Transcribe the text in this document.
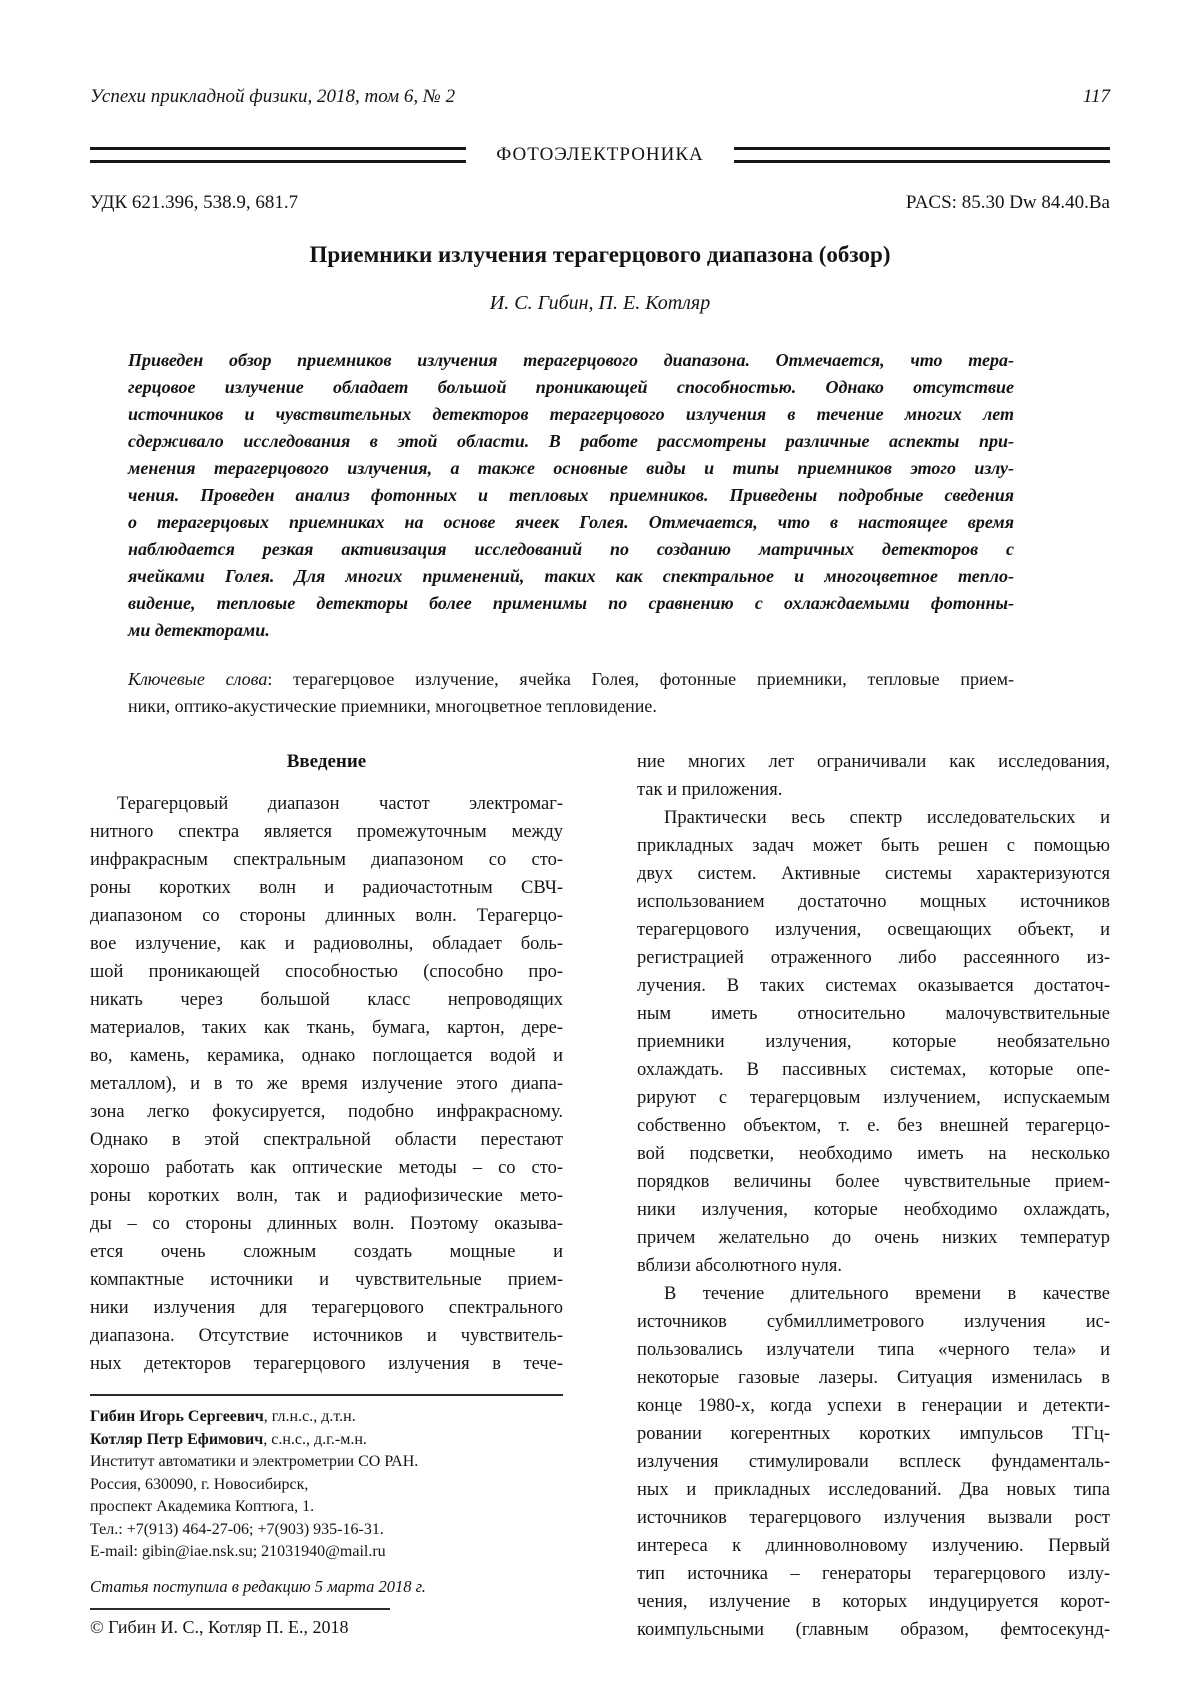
Успехи прикладной физики, 2018, том 6, № 2	117
ФОТОЭЛЕКТРОНИКА
УДК 621.396, 538.9, 681.7	PACS: 85.30 Dw 84.40.Ba
Приемники излучения терагерцового диапазона (обзор)
И. С. Гибин, П. Е. Котляр
Приведен обзор приемников излучения терагерцового диапазона. Отмечается, что тера-
герцовое излучение обладает большой проникающей способностью. Однако отсутствие
источников и чувствительных детекторов терагерцового излучения в течение многих лет
сдерживало исследования в этой области. В работе рассмотрены различные аспекты при-
менения терагерцового излучения, а также основные виды и типы приемников этого излу-
чения. Проведен анализ фотонных и тепловых приемников. Приведены подробные сведения
о терагерцовых приемниках на основе ячеек Голея. Отмечается, что в настоящее время
наблюдается резкая активизация исследований по созданию матричных детекторов с
ячейками Голея. Для многих применений, таких как спектральное и многоцветное тепло-
видение, тепловые детекторы более применимы по сравнению с охлаждаемыми фотонны-
ми детекторами.
Ключевые слова: терагерцовое излучение, ячейка Голея, фотонные приемники, тепловые прием-
ники, оптико-акустические приемники, многоцветное тепловидение.
Введение
Терагерцовый диапазон частот электромаг-
нитного спектра является промежуточным между
инфракрасным спектральным диапазоном со сто-
роны коротких волн и радиочастотным СВЧ-
диапазоном со стороны длинных волн. Терагерцо-
вое излучение, как и радиоволны, обладает боль-
шой проникающей способностью (способно про-
никать через большой класс непроводящих
материалов, таких как ткань, бумага, картон, дере-
во, камень, керамика, однако поглощается водой и
металлом), и в то же время излучение этого диапа-
зона легко фокусируется, подобно инфракрасному.
Однако в этой спектральной области перестают
хорошо работать как оптические методы – со сто-
роны коротких волн, так и радиофизические мето-
ды – со стороны длинных волн. Поэтому оказыва-
ется очень сложным создать мощные и
компактные источники и чувствительные прием-
ники излучения для терагерцового спектрального
диапазона. Отсутствие источников и чувствитель-
ных детекторов терагерцового излучения в тече-
Гибин Игорь Сергеевич, гл.н.с., д.т.н.
Котляр Петр Ефимович, с.н.с., д.г.-м.н.
Институт автоматики и электрометрии СО РАН.
Россия, 630090, г. Новосибирск,
проспект Академика Коптюга, 1.
Тел.: +7(913) 464-27-06; +7(903) 935-16-31.
E-mail: gibin@iae.nsk.su; 21031940@mail.ru
Статья поступила в редакцию 5 марта 2018 г.
© Гибин И. С., Котляр П. Е., 2018
ние многих лет ограничивали как исследования,
так и приложения.
Практически весь спектр исследовательских и
прикладных задач может быть решен с помощью
двух систем. Активные системы характеризуются
использованием достаточно мощных источников
терагерцового излучения, освещающих объект, и
регистрацией отраженного либо рассеянного из-
лучения. В таких системах оказывается достаточ-
ным иметь относительно малочувствительные
приемники излучения, которые необязательно
охлаждать. В пассивных системах, которые опе-
рируют с терагерцовым излучением, испускаемым
собственно объектом, т. е. без внешней терагерцо-
вой подсветки, необходимо иметь на несколько
порядков величины более чувствительные прием-
ники излучения, которые необходимо охлаждать,
причем желательно до очень низких температур
вблизи абсолютного нуля.
В течение длительного времени в качестве
источников субмиллиметрового излучения ис-
пользовались излучатели типа «черного тела» и
некоторые газовые лазеры. Ситуация изменилась в
конце 1980-х, когда успехи в генерации и детекти-
ровании когерентных коротких импульсов ТГц-
излучения стимулировали всплеск фундаменталь-
ных и прикладных исследований. Два новых типа
источников терагерцового излучения вызвали рост
интереса к длинноволновому излучению. Первый
тип источника – генераторы терагерцового излу-
чения, излучение в которых индуцируется корот-
коимпульсными (главным образом, фемтосекунд-
